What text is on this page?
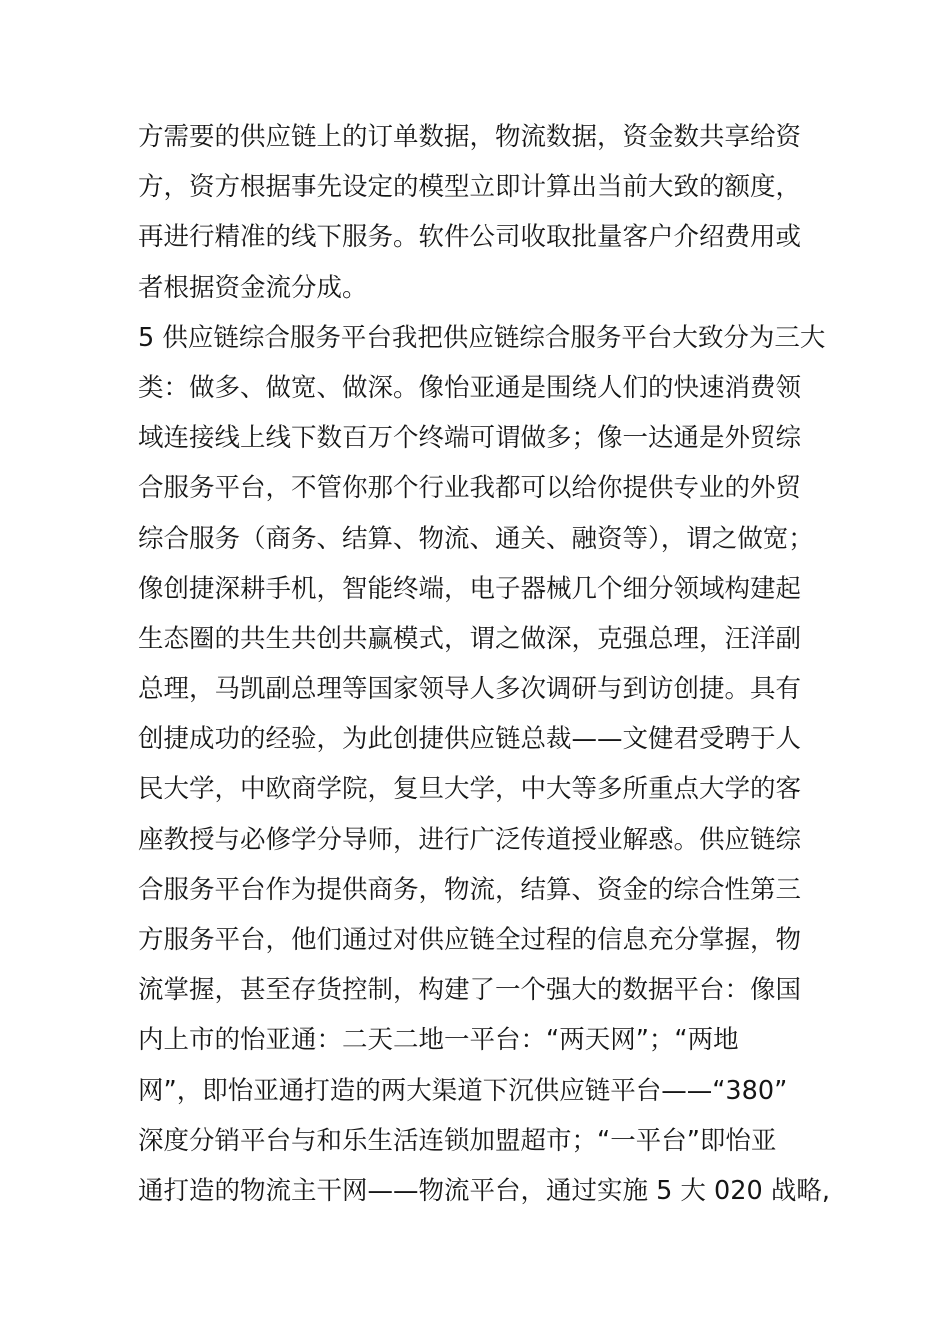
方需要的供应链上的订单数据，物流数据，资金数共享给资
方，资方根据事先设定的模型立即计算出当前大致的额度，
再进行精准的线下服务。软件公司收取批量客户介绍费用或
者根据资金流分成。
5 供应链综合服务平台我把供应链综合服务平台大致分为三大
类：做多、做宽、做深。像怡亚通是围绕人们的快速消费领
域连接线上线下数百万个终端可谓做多；像一达通是外贸综
合服务平台，不管你那个行业我都可以给你提供专业的外贸
综合服务（商务、结算、物流、通关、融资等），谓之做宽；
像创捷深耕手机，智能终端，电子器械几个细分领域构建起
生态圈的共生共创共赢模式，谓之做深，克强总理，汪洋副
总理，马凯副总理等国家领导人多次调研与到访创捷。具有
创捷成功的经验，为此创捷供应链总裁——文健君受聘于人
民大学，中欧商学院，复旦大学，中大等多所重点大学的客
座教授与必修学分导师，进行广泛传道授业解惑。供应链综
合服务平台作为提供商务，物流，结算、资金的综合性第三
方服务平台，他们通过对供应链全过程的信息充分掌握，物
流掌握，甚至存货控制，构建了一个强大的数据平台：像国
内上市的怡亚通：二天二地一平台：“两天网”；“两地
网”，即怡亚通打造的两大渠道下沉供应链平台——“380”
深度分销平台与和乐生活连锁加盟超市；“一平台”即怡亚
通打造的物流主干网——物流平台，通过实施 5 大 020 战略,
